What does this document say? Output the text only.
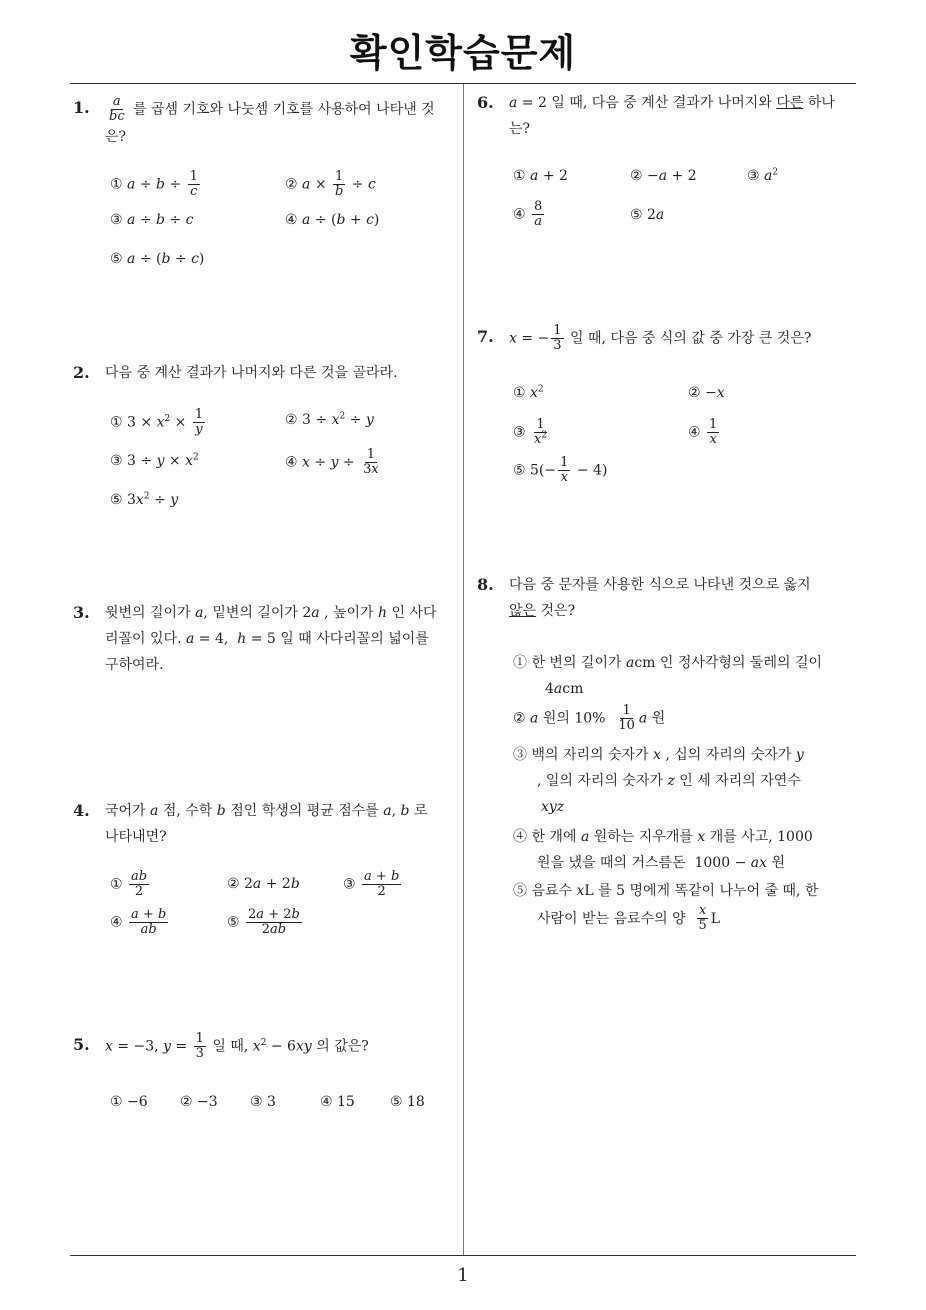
확인학습문제
1
1. $\frac{a}{bc}$ 를 곱셈 기호와 나눗셈 기호를 사용하여 나타낸 것
은?
① $a \div b \div \frac{1}{c}$	② $a \times \frac{1}{b} \div c$
③ a ÷ b ÷ c	④ a ÷ (b + c)
⑤ a ÷ (b ÷ c)
2. 다음 중 계산 결과가 나머지와 다른 것을 골라라.
① $3 \times x^2 \times \frac{1}{y}$	② $3 \div x^2 \div y$
③ $3 \div y \times x^2$	④ $x \div y \div \frac{1}{3x}$
⑤ $3x^2 \div y$
3. 윗변의 길이가 a, 밑변의 길이가 2a , 높이가 h 인 사다
리꼴이 있다. a = 4,  h = 5 일 때 사다리꼴의 넓이를
구하여라.
4. 국어가 a 점, 수학 b 점인 학생의 평균 점수를 a, b 로
나타내면?
① $\frac{ab}{2}$	② 2a + 2b	③ $\frac{a + b}{2}$
④ $\frac{a + b}{ab}$	⑤ $\frac{2a + 2b}{2ab}$
5. x = −3, $y = \frac{1}{3}$ 일 때, $x^2 - 6xy$ 의 값은?
① −6 ② −3 ③ 3	④ 15	⑤ 18
6. a = 2 일 때, 다음 중 계산 결과가 나머지와 다른 하나
는?
① a + 2	② −a + 2	③ $a^2$
④ $\frac{8}{a}$	⑤ 2a
7. x = − $\frac{1}{3}$ 일 때, 다음 중 식의 값 중 가장 큰 것은?
① $x^2$	② −x
③ $\frac{1}{x^2}$	④ $\frac{1}{x}$
⑤ $5(- \frac{1}{x} - 4)$
8. 다음 중 문자를 사용한 식으로 나타낸 것으로 옳지
않은 것은?
① 한 변의 길이가 acm 인 정사각형의 둘레의 길이
4acm
② a 원의 $10\% \frac{1}{10}$ a 원
③ 백의 자리의 숫자가 x , 십의 자리의 숫자가 y
, 일의 자리의 숫자가 z 인 세 자리의 자연수
xyz
④ 한 개에 a 원하는 지우개를 x 개를 사고, 1000
원을 냈을 때의 거스름돈  1000 − ax 원
⑤ 음료수 xL 를 5 명에게 똑같이 나누어 줄 때, 한
사람이 받는 음료수의 양 $\frac{x}{5}$ L
